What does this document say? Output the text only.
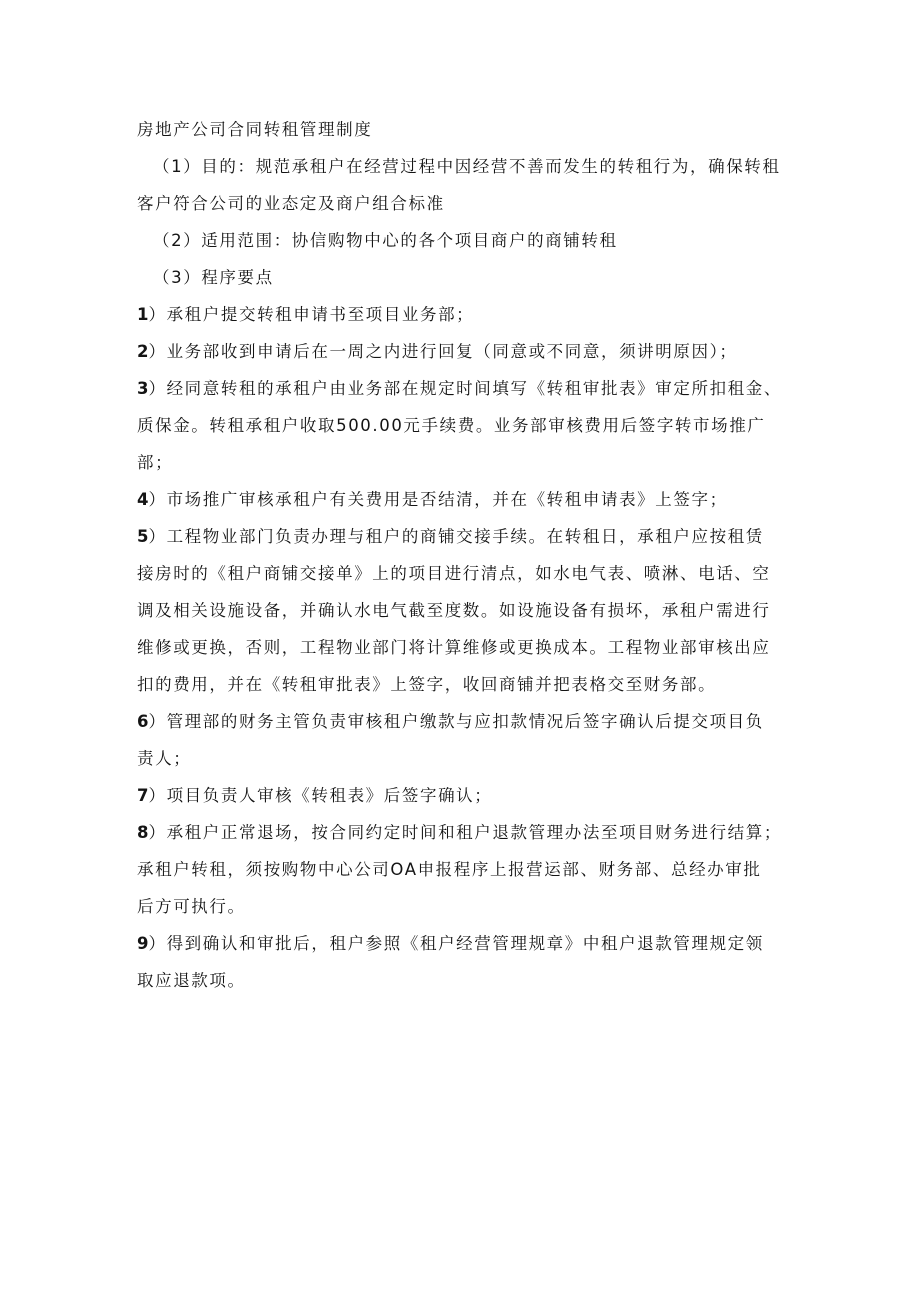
房地产公司合同转租管理制度
（1）目的：规范承租户在经营过程中因经营不善而发生的转租行为，确保转租
客户符合公司的业态定及商户组合标准
（2）适用范围：协信购物中心的各个项目商户的商铺转租
（3）程序要点
1）承租户提交转租申请书至项目业务部；
2）业务部收到申请后在一周之内进行回复（同意或不同意，须讲明原因）；
3）经同意转租的承租户由业务部在规定时间填写《转租审批表》审定所扣租金、
质保金。转租承租户收取500.00元手续费。业务部审核费用后签字转市场推广
部；
4）市场推广审核承租户有关费用是否结清，并在《转租申请表》上签字；
5）工程物业部门负责办理与租户的商铺交接手续。在转租日，承租户应按租赁
接房时的《租户商铺交接单》上的项目进行清点，如水电气表、喷淋、电话、空
调及相关设施设备，并确认水电气截至度数。如设施设备有损坏，承租户需进行
维修或更换，否则，工程物业部门将计算维修或更换成本。工程物业部审核出应
扣的费用，并在《转租审批表》上签字，收回商铺并把表格交至财务部。
6）管理部的财务主管负责审核租户缴款与应扣款情况后签字确认后提交项目负
责人；
7）项目负责人审核《转租表》后签字确认；
8）承租户正常退场，按合同约定时间和租户退款管理办法至项目财务进行结算；
承租户转租，须按购物中心公司OA申报程序上报营运部、财务部、总经办审批
后方可执行。
9）得到确认和审批后，租户参照《租户经营管理规章》中租户退款管理规定领
取应退款项。
